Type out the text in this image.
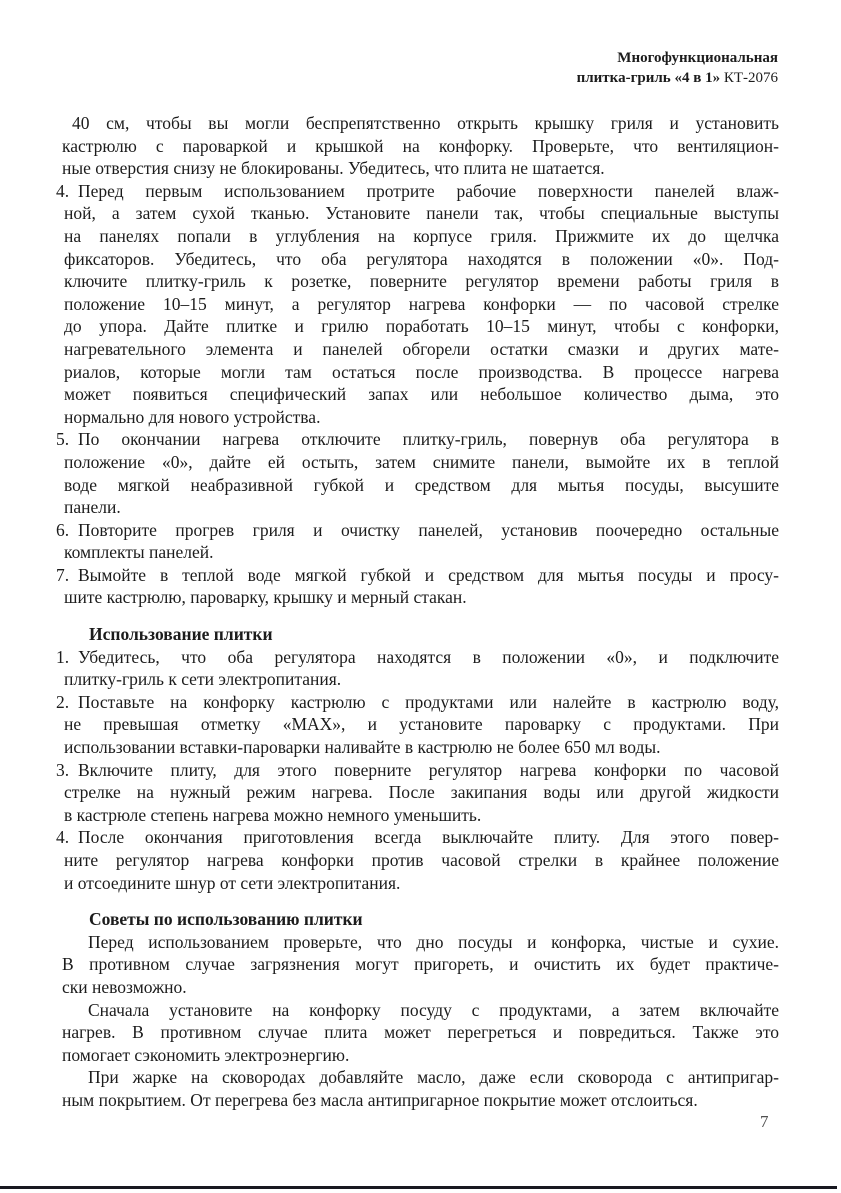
Многофункциональная
плитка-гриль «4 в 1» КТ-2076
40 см, чтобы вы могли беспрепятственно открыть крышку гриля и установить
кастрюлю с пароваркой и крышкой на конфорку. Проверьте, что вентиляцион-
ные отверстия снизу не блокированы. Убедитесь, что плита не шатается.
4. Перед первым использованием протрите рабочие поверхности панелей влаж-
ной, а затем сухой тканью. Установите панели так, чтобы специальные выступы
на панелях попали в углубления на корпусе гриля. Прижмите их до щелчка
фиксаторов. Убедитесь, что оба регулятора находятся в положении «0». Под-
ключите плитку-гриль к розетке, поверните регулятор времени работы гриля в
положение 10–15 минут, а регулятор нагрева конфорки — по часовой стрелке
до упора. Дайте плитке и грилю поработать 10–15 минут, чтобы с конфорки,
нагревательного элемента и панелей обгорели остатки смазки и других мате-
риалов, которые могли там остаться после производства. В процессе нагрева
может появиться специфический запах или небольшое количество дыма, это
нормально для нового устройства.
5. По окончании нагрева отключите плитку-гриль, повернув оба регулятора в
положение «0», дайте ей остыть, затем снимите панели, вымойте их в теплой
воде мягкой неабразивной губкой и средством для мытья посуды, высушите
панели.
6. Повторите прогрев гриля и очистку панелей, установив поочередно остальные
комплекты панелей.
7. Вымойте в теплой воде мягкой губкой и средством для мытья посуды и просу-
шите кастрюлю, пароварку, крышку и мерный стакан.
Использование плитки
1. Убедитесь, что оба регулятора находятся в положении «0», и подключите
плитку-гриль к сети электропитания.
2. Поставьте на конфорку кастрюлю с продуктами или налейте в кастрюлю воду,
не превышая отметку «MAX», и установите пароварку с продуктами. При
использовании вставки-пароварки наливайте в кастрюлю не более 650 мл воды.
3. Включите плиту, для этого поверните регулятор нагрева конфорки по часовой
стрелке на нужный режим нагрева. После закипания воды или другой жидкости
в кастрюле степень нагрева можно немного уменьшить.
4. После окончания приготовления всегда выключайте плиту. Для этого повер-
ните регулятор нагрева конфорки против часовой стрелки в крайнее положение
и отсоедините шнур от сети электропитания.
Советы по использованию плитки
Перед использованием проверьте, что дно посуды и конфорка, чистые и сухие.
В противном случае загрязнения могут пригореть, и очистить их будет практиче-
ски невозможно.
Сначала установите на конфорку посуду с продуктами, а затем включайте
нагрев. В противном случае плита может перегреться и повредиться. Также это
помогает сэкономить электроэнергию.
При жарке на сковородах добавляйте масло, даже если сковорода с антипригар-
ным покрытием. От перегрева без масла антипригарное покрытие может отслоиться.
7
